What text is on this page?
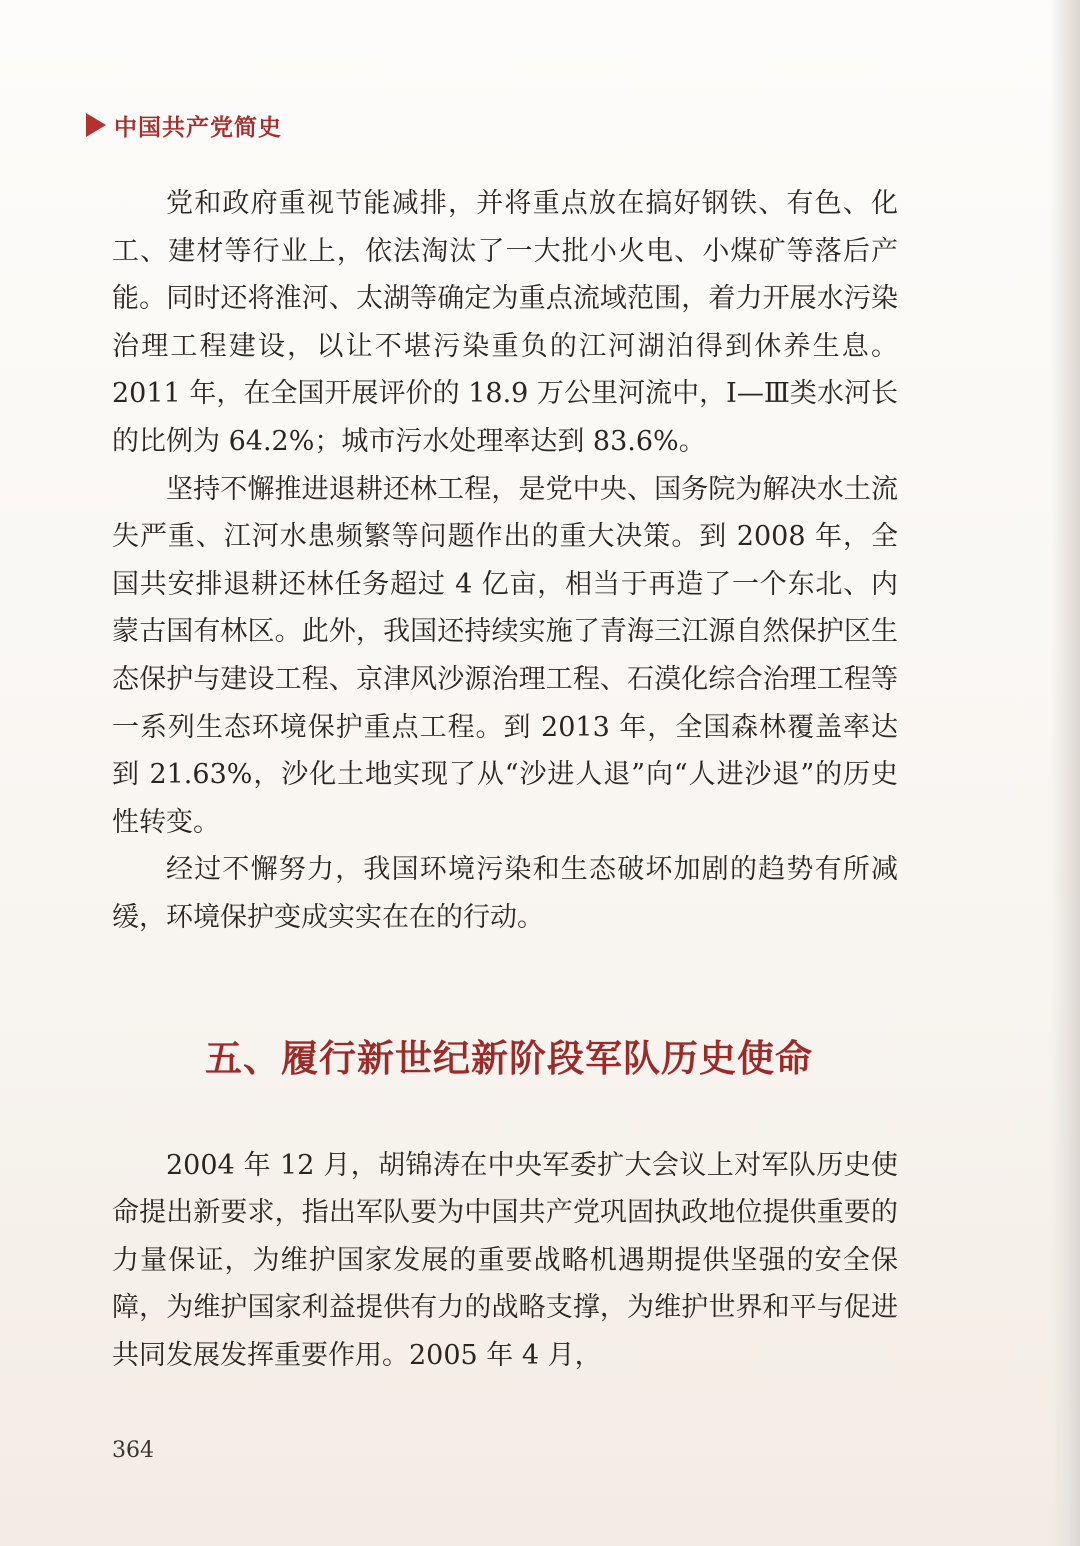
中国共产党简史

党和政府重视节能减排，并将重点放在搞好钢铁、有色、化工、建材等行业上，依法淘汰了一大批小火电、小煤矿等落后产能。同时还将淮河、太湖等确定为重点流域范围，着力开展水污染治理工程建设，以让不堪污染重负的江河湖泊得到休养生息。2011 年，在全国开展评价的 18.9 万公里河流中，Ⅰ—Ⅲ类水河长的比例为 64.2%；城市污水处理率达到 83.6%。

坚持不懈推进退耕还林工程，是党中央、国务院为解决水土流失严重、江河水患频繁等问题作出的重大决策。到 2008 年，全国共安排退耕还林任务超过 4 亿亩，相当于再造了一个东北、内蒙古国有林区。此外，我国还持续实施了青海三江源自然保护区生态保护与建设工程、京津风沙源治理工程、石漠化综合治理工程等一系列生态环境保护重点工程。到 2013 年，全国森林覆盖率达到 21.63%，沙化土地实现了从“沙进人退”向“人进沙退”的历史性转变。

经过不懈努力，我国环境污染和生态破坏加剧的趋势有所减缓，环境保护变成实实在在的行动。

五、履行新世纪新阶段军队历史使命

2004 年 12 月，胡锦涛在中央军委扩大会议上对军队历史使命提出新要求，指出军队要为中国共产党巩固执政地位提供重要的力量保证，为维护国家发展的重要战略机遇期提供坚强的安全保障，为维护国家利益提供有力的战略支撑，为维护世界和平与促进共同发展发挥重要作用。2005 年 4 月，

364
